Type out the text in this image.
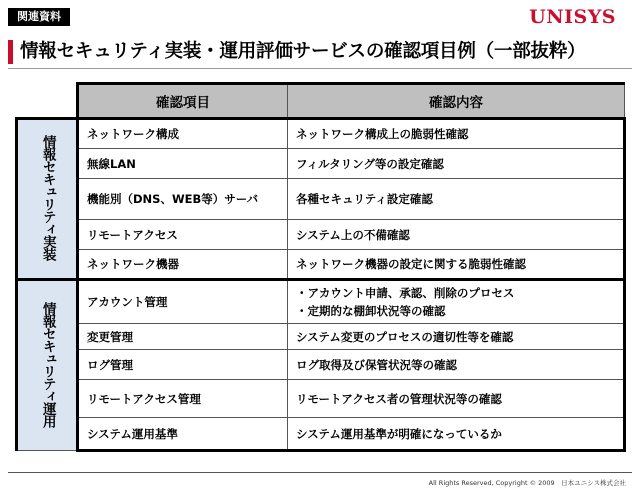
関連資料	UNISYS
情報セキュリティ実装・運用評価サービスの確認項目例（一部抜粋）
	確認項目	確認内容
情報セキュリティ実装	ネットワーク構成	ネットワーク構成上の脆弱性確認

	無線LAN	フィルタリング等の設定確認

	機能別（DNS、WEB等）サーバ	各種セキュリティ設定確認

	リモートアクセス	システム上の不備確認

	ネットワーク機器	ネットワーク機器の設定に関する脆弱性確認

情報セキュリティ運用	アカウント管理	・アカウント申請、承認、削除のプロセス
・定期的な棚卸状況等の確認

	変更管理	システム変更のプロセスの適切性等を確認

	ログ管理	ログ取得及び保管状況等の確認

	リモートアクセス管理	リモートアクセス者の管理状況等の確認

	システム運用基準	システム運用基準が明確になっているか
All Rights Reserved, Copyright © 2009　日本ユニシス株式会社
